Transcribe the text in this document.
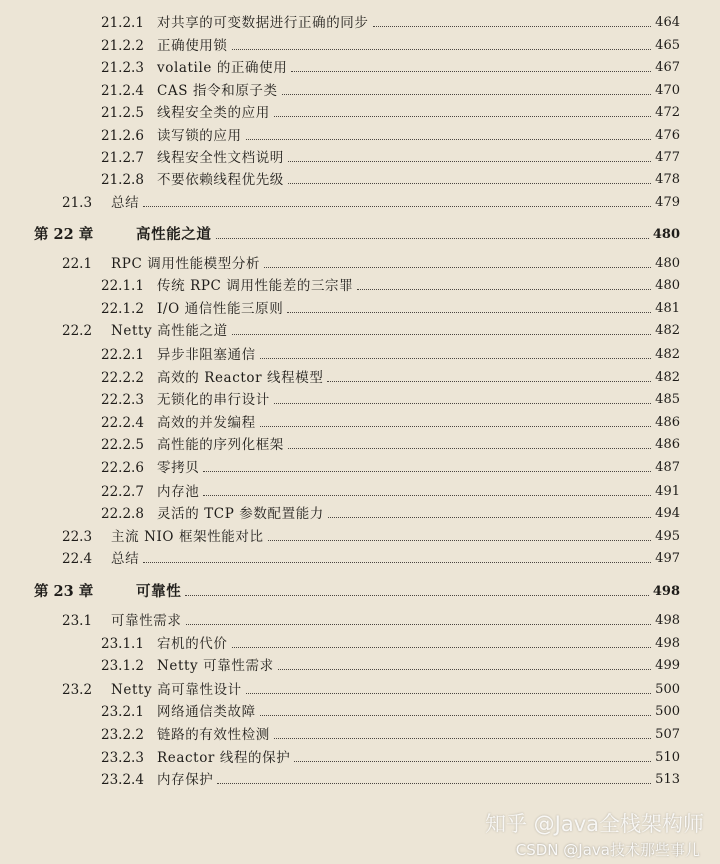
21.2.1 对共享的可变数据进行正确的同步	464
21.2.2 正确使用锁	465
21.2.3 volatile 的正确使用	467
21.2.4 CAS 指令和原子类	470
21.2.5 线程安全类的应用	472
21.2.6 读写锁的应用	476
21.2.7 线程安全性文档说明	477
21.2.8 不要依赖线程优先级	478
21.3	总结	479
第 22 章	高性能之道	480
22.1	RPC 调用性能模型分析	480
22.1.1 传统 RPC 调用性能差的三宗罪	480
22.1.2 I/O 通信性能三原则	481
22.2	Netty 高性能之道	482
22.2.1 异步非阻塞通信	482
22.2.2 高效的 Reactor 线程模型	482
22.2.3 无锁化的串行设计	485
22.2.4 高效的并发编程	486
22.2.5 高性能的序列化框架	486
22.2.6 零拷贝	487
22.2.7 内存池	491
22.2.8 灵活的 TCP 参数配置能力	494
22.3	主流 NIO 框架性能对比	495
22.4	总结	497
第 23 章	可靠性	498
23.1	可靠性需求	498
23.1.1 宕机的代价	498
23.1.2 Netty 可靠性需求	499
23.2	Netty 高可靠性设计	500
23.2.1 网络通信类故障	500
23.2.2 链路的有效性检测	507
23.2.3 Reactor 线程的保护	510
23.2.4 内存保护	513
知乎 @Java全栈架构师
CSDN @Java技术那些事儿
